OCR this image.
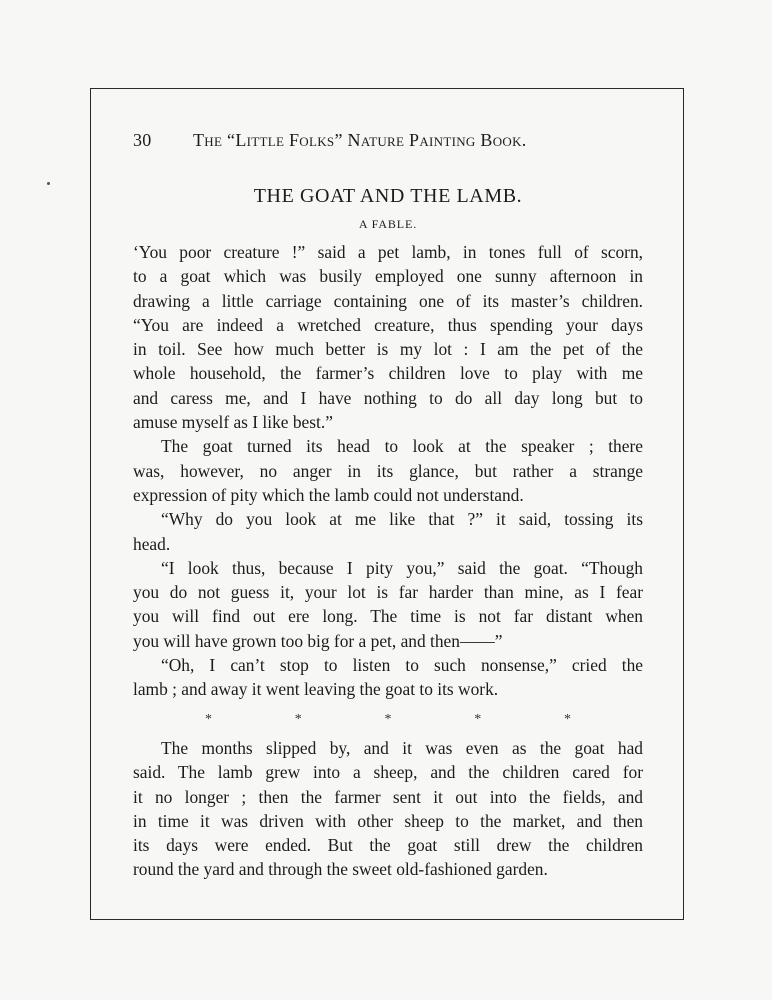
30 The “Little Folks” Nature Painting Book.
THE GOAT AND THE LAMB.
A FABLE.
‘You poor creature !” said a pet lamb, in tones full of scorn,
to a goat which was busily employed one sunny afternoon in
drawing a little carriage containing one of its master’s children.
“You are indeed a wretched creature, thus spending your days
in toil. See how much better is my lot : I am the pet of the
whole household, the farmer’s children love to play with me
and caress me, and I have nothing to do all day long but to
amuse myself as I like best.”
The goat turned its head to look at the speaker ; there
was, however, no anger in its glance, but rather a strange
expression of pity which the lamb could not understand.
“Why do you look at me like that ?” it said, tossing its
head.
“I look thus, because I pity you,” said the goat. “Though
you do not guess it, your lot is far harder than mine, as I fear
you will find out ere long. The time is not far distant when
you will have grown too big for a pet, and then——”
“Oh, I can’t stop to listen to such nonsense,” cried the
lamb ; and away it went leaving the goat to its work.
*	*	*	*	*
The months slipped by, and it was even as the goat had
said. The lamb grew into a sheep, and the children cared for
it no longer ; then the farmer sent it out into the fields, and
in time it was driven with other sheep to the market, and then
its days were ended. But the goat still drew the children
round the yard and through the sweet old-fashioned garden.
